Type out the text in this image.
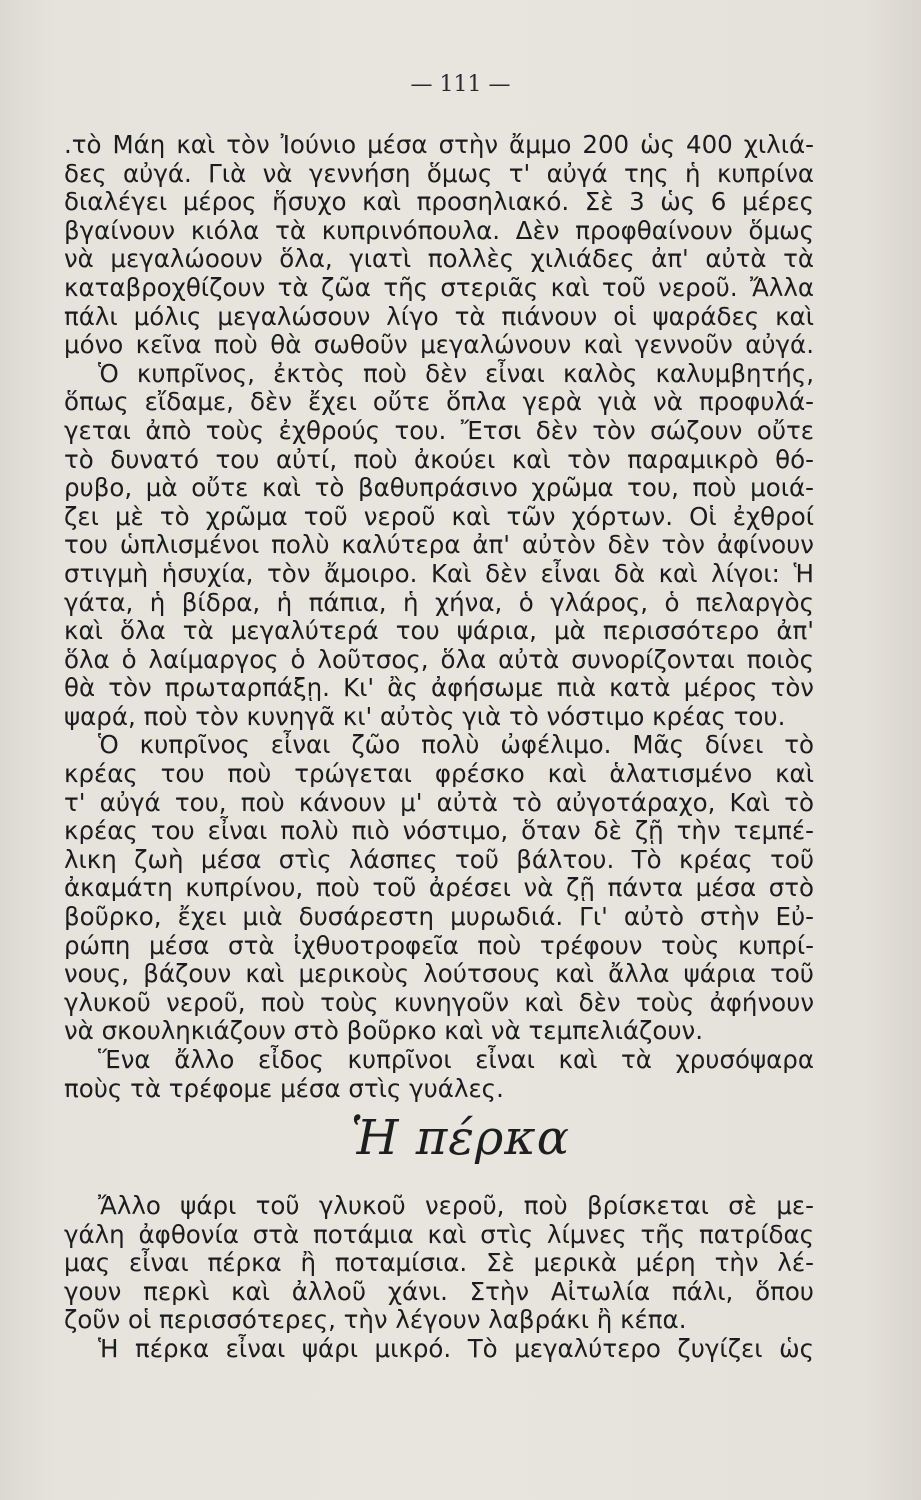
— 111 —
.τὸ Μάη καὶ τὸν Ἰούνιο μέσα στὴν ἄμμο 200 ὡς 400 χιλιά-
δες αὐγά. Γιὰ νὰ γεννήση ὅμως τ' αὐγά της ἡ κυπρίνα
διαλέγει μέρος ἥσυχο καὶ προσηλιακό. Σὲ 3 ὡς 6 μέρες
βγαίνουν κιόλα τὰ κυπρινόπουλα. Δὲν προφθαίνουν ὅμως
νὰ μεγαλώοουν ὅλα, γιατὶ πολλὲς χιλιάδες ἀπ' αὐτὰ τὰ
καταβροχθίζουν τὰ ζῶα τῆς στεριᾶς καὶ τοῦ νεροῦ. Ἄλλα
πάλι μόλις μεγαλώσουν λίγο τὰ πιάνουν οἱ ψαράδες καὶ
μόνο κεῖνα ποὺ θὰ σωθοῦν μεγαλώνουν καὶ γεννοῦν αὐγά.
Ὁ κυπρῖνος, ἐκτὸς ποὺ δὲν εἶναι καλὸς καλυμβητής,
ὅπως εἴδαμε, δὲν ἔχει οὔτε ὅπλα γερὰ γιὰ νὰ προφυλά-
γεται ἀπὸ τοὺς ἐχθρούς του. Ἔτσι δὲν τὸν σώζουν οὔτε
τὸ δυνατό του αὐτί, ποὺ ἀκούει καὶ τὸν παραμικρὸ θό-
ρυβο, μὰ οὔτε καὶ τὸ βαθυπράσινο χρῶμα του, ποὺ μοιά-
ζει μὲ τὸ χρῶμα τοῦ νεροῦ καὶ τῶν χόρτων. Οἱ ἐχθροί
του ὡπλισμένοι πολὺ καλύτερα ἀπ' αὐτὸν δὲν τὸν ἀφίνουν
στιγμὴ ἡσυχία, τὸν ἄμοιρο. Καὶ δὲν εἶναι δὰ καὶ λίγοι: Ἡ
γάτα, ἡ βίδρα, ἡ πάπια, ἡ χήνα, ὁ γλάρος, ὁ πελαργὸς
καὶ ὅλα τὰ μεγαλύτερά του ψάρια, μὰ περισσότερο ἀπ'
ὅλα ὁ λαίμαργος ὁ λοῦτσος, ὅλα αὐτὰ συνορίζονται ποιὸς
θὰ τὸν πρωταρπάξῃ. Κι' ἂς ἀφήσωμε πιὰ κατὰ μέρος τὸν
ψαρά, ποὺ τὸν κυνηγᾶ κι' αὐτὸς γιὰ τὸ νόστιμο κρέας του.
Ὁ κυπρῖνος εἶναι ζῶο πολὺ ὠφέλιμο. Μᾶς δίνει τὸ
κρέας του ποὺ τρώγεται φρέσκο καὶ ἁλατισμένο καὶ
τ' αὐγά του, ποὺ κάνουν μ' αὐτὰ τὸ αὐγοτάραχο, Καὶ τὸ
κρέας του εἶναι πολὺ πιὸ νόστιμο, ὅταν δὲ ζῇ τὴν τεμπέ-
λικη ζωὴ μέσα στὶς λάσπες τοῦ βάλτου. Τὸ κρέας τοῦ
ἀκαμάτη κυπρίνου, ποὺ τοῦ ἀρέσει νὰ ζῇ πάντα μέσα στὸ
βοῦρκο, ἔχει μιὰ δυσάρεστη μυρωδιά. Γι' αὐτὸ στὴν Εὐ-
ρώπη μέσα στὰ ἰχθυοτροφεῖα ποὺ τρέφουν τοὺς κυπρί-
νους, βάζουν καὶ μερικοὺς λούτσους καὶ ἄλλα ψάρια τοῦ
γλυκοῦ νεροῦ, ποὺ τοὺς κυνηγοῦν καὶ δὲν τοὺς ἀφήνουν
νὰ σκουληκιάζουν στὸ βοῦρκο καὶ νὰ τεμπελιάζουν.
Ἕνα ἄλλο εἶδος κυπρῖνοι εἶναι καὶ τὰ χρυσόψαρα
ποὺς τὰ τρέφομε μέσα στὶς γυάλες.
Ἡ πέρκα
Ἄλλο ψάρι τοῦ γλυκοῦ νεροῦ, ποὺ βρίσκεται σὲ με-
γάλη ἀφθονία στὰ ποτάμια καὶ στὶς λίμνες τῆς πατρίδας
μας εἶναι πέρκα ἢ ποταμίσια. Σὲ μερικὰ μέρη τὴν λέ-
γουν περκὶ καὶ ἀλλοῦ χάνι. Στὴν Αἰτωλία πάλι, ὅπου
ζοῦν οἱ περισσότερες, τὴν λέγουν λαβράκι ἢ κέπα.
Ἡ πέρκα εἶναι ψάρι μικρό. Τὸ μεγαλύτερο ζυγίζει ὡς
